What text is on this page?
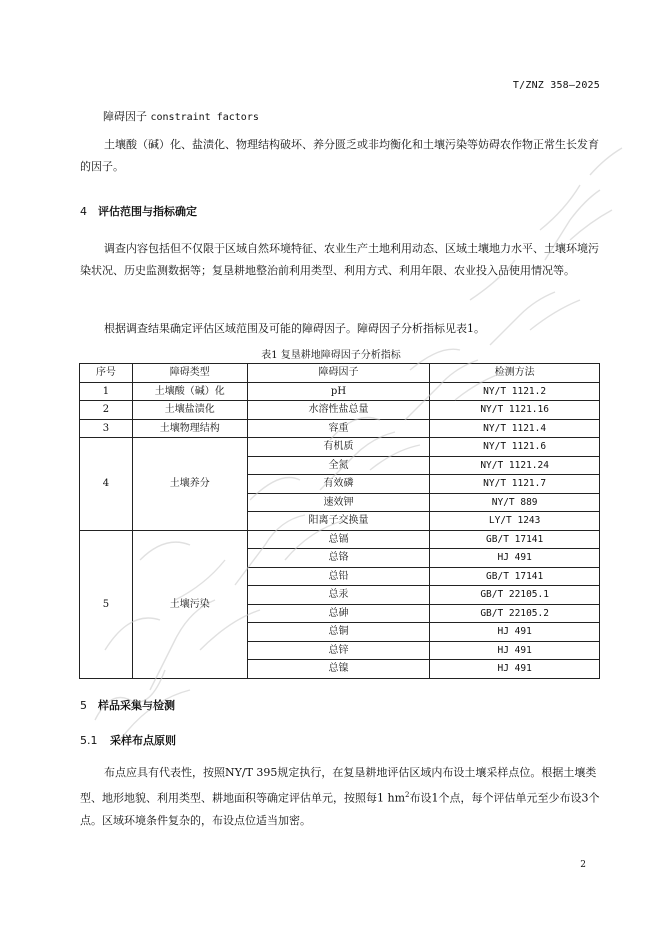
T/ZNZ 358—2025
障碍因子 constraint factors
土壤酸（碱）化、盐渍化、物理结构破坏、养分匮乏或非均衡化和土壤污染等妨碍农作物正常生长发育的因子。
4 评估范围与指标确定
调查内容包括但不仅限于区域自然环境特征、农业生产土地利用动态、区域土壤地力水平、土壤环境污染状况、历史监测数据等；复垦耕地整治前利用类型、利用方式、利用年限、农业投入品使用情况等。
根据调查结果确定评估区域范围及可能的障碍因子。障碍因子分析指标见表1。
表1 复垦耕地障碍因子分析指标
序号	障碍类型	障碍因子	检测方法
1	土壤酸（碱）化	pH	NY/T 1121.2
2	土壤盐渍化	水溶性盐总量	NY/T 1121.16
3	土壤物理结构	容重	NY/T 1121.4
4	土壤养分	有机质	NY/T 1121.6
		全氮	NY/T 1121.24
		有效磷	NY/T 1121.7
		速效钾	NY/T 889
		阳离子交换量	LY/T 1243
5	土壤污染	总镉	GB/T 17141
		总铬	HJ 491
		总铅	GB/T 17141
		总汞	GB/T 22105.1
		总砷	GB/T 22105.2
		总铜	HJ 491
		总锌	HJ 491
		总镍	HJ 491
5 样品采集与检测
5.1 采样布点原则
布点应具有代表性，按照NY/T 395规定执行，在复垦耕地评估区域内布设土壤采样点位。根据土壤类型、地形地貌、利用类型、耕地面积等确定评估单元，按照每1 $hm^2$布设1个点，每个评估单元至少布设3个点。区域环境条件复杂的，布设点位适当加密。
2
